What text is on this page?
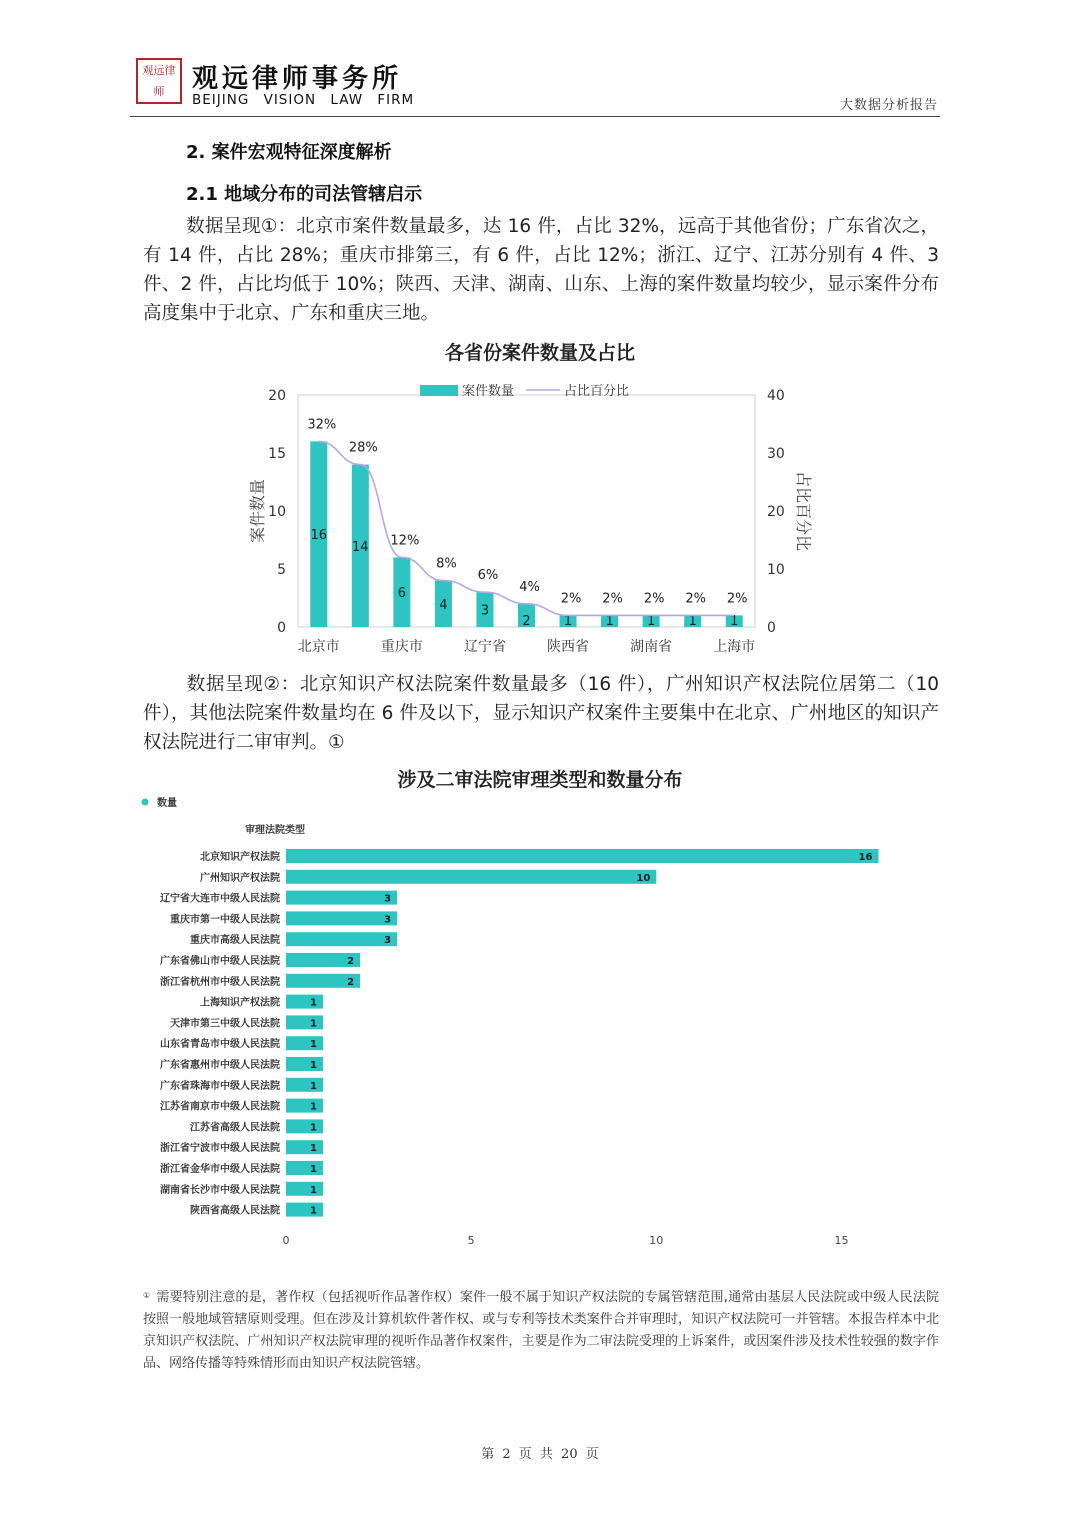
观 远 律
师 观远律师事务所
BEIJING VISION LAW FIRM	大数据分析报告
2. 案件宏观特征深度解析
2.1 地域分布的司法管辖启示
数据呈现①：北京市案件数量最多，达 16 件，占比 32%，远高于其他省份；广东省次之，有 14 件，占比 28%；重庆市排第三，有 6 件，占比 12%；浙江、辽宁、江苏分别有 4 件、3 件、2 件，占比均低于 10%；陕西、天津、湖南、山东、上海的案件数量均较少，显示案件分布高度集中于北京、广东和重庆三地。
各省份案件数量及占比
0
5
10
15
20
0
10
20
30
40
案件数量	占比百分比
16
14
6
4	3
2	1	1	1	1	1
32%
28%
12%
8%
6%
4%
2% 2% 2% 2% 2%
北京市	重庆市	辽宁省	陕西省	湖南省	上海市
案件数量	占比百分比
数据呈现②：北京知识产权法院案件数量最多（16 件），广州知识产权法院位居第二（10 件），其他法院案件数量均在 6 件及以下，显示知识产权案件主要集中在北京、广州地区的知识产权法院进行二审审判。①
涉及二审法院审理类型和数量分布
数量
审理法院类型
北京知识产权法院	16
广州知识产权法院	10
辽宁省大连市中级人民法院	3
重庆市第一中级人民法院	3
重庆市高级人民法院	3
广东省佛山市中级人民法院	2
浙江省杭州市中级人民法院	2
上海知识产权法院	1
天津市第三中级人民法院	1
山东省青岛市中级人民法院	1
广东省惠州市中级人民法院	1
广东省珠海市中级人民法院	1
江苏省南京市中级人民法院	1
江苏省高级人民法院	1
浙江省宁波市中级人民法院	1
浙江省金华市中级人民法院	1
湖南省长沙市中级人民法院	1
陕西省高级人民法院	1
0	5	10	15
① 需要特别注意的是，著作权（包括视听作品著作权）案件一般不属于知识产权法院的专属管辖范围,通常由基层人民法院或中级人民法院按照一般地域管辖原则受理。但在涉及计算机软件著作权、或与专利等技术类案件合并审理时，知识产权法院可一并管辖。本报告样本中北京知识产权法院、广州知识产权法院审理的视听作品著作权案件，主要是作为二审法院受理的上诉案件，或因案件涉及技术性较强的数字作品、网络传播等特殊情形而由知识产权法院管辖。
第 2 页 共 20 页
